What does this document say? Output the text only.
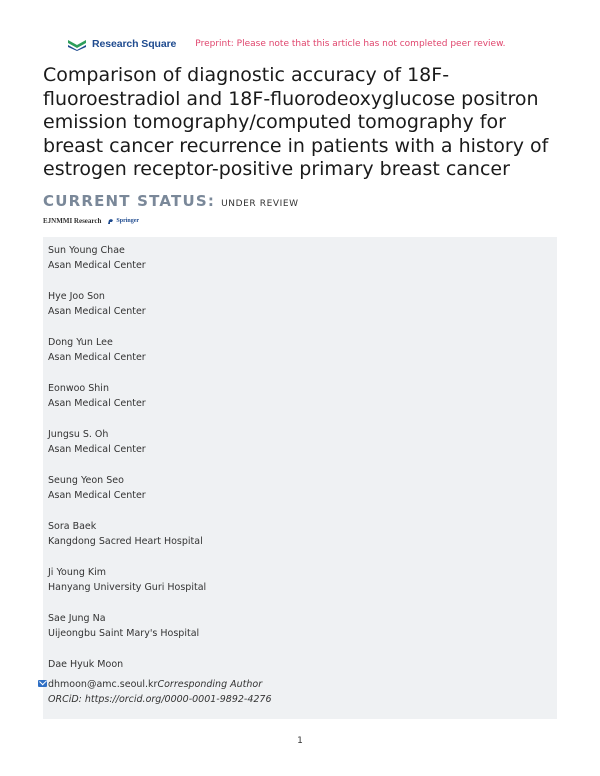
Research Square Preprint: Please note that this article has not completed peer review.
Comparison of diagnostic accuracy of 18F-fluoroestradiol and 18F-fluorodeoxyglucose positron emission tomography/computed tomography for breast cancer recurrence in patients with a history of estrogen receptor-positive primary breast cancer
CURRENT STATUS: UNDER REVIEW
EJNMMI Research	Springer
Sun Young Chae
Asan Medical Center
Hye Joo Son
Asan Medical Center
Dong Yun Lee
Asan Medical Center
Eonwoo Shin
Asan Medical Center
Jungsu S. Oh
Asan Medical Center
Seung Yeon Seo
Asan Medical Center
Sora Baek
Kangdong Sacred Heart Hospital
Ji Young Kim
Hanyang University Guri Hospital
Sae Jung Na
Uijeongbu Saint Mary's Hospital
Dae Hyuk Moon
dhmoon@amc.seoul.krCorresponding Author
ORCiD: https://orcid.org/0000-0001-9892-4276
1
